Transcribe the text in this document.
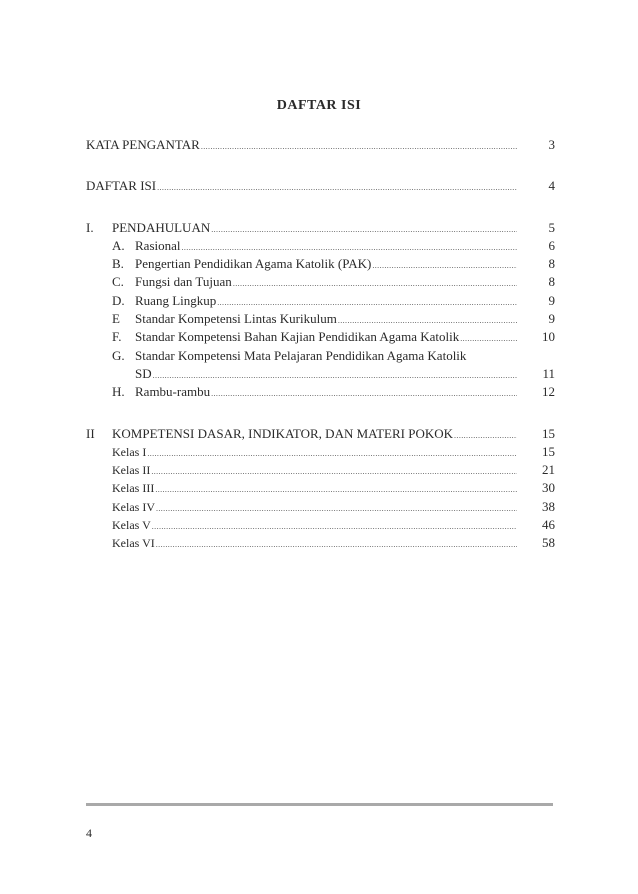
DAFTAR ISI
KATA PENGANTAR .....	3
DAFTAR ISI .....	4
I.	PENDAHULUAN .....	5
A. Rasional .....	6
B. Pengertian Pendidikan Agama Katolik (PAK) .....	8
C. Fungsi dan Tujuan .....	8
D. Ruang Lingkup .....	9
E	Standar Kompetensi Lintas Kurikulum .....	9
F.	Standar Kompetensi Bahan Kajian Pendidikan Agama Katolik .....	10
G. Standar Kompetensi Mata Pelajaran Pendidikan Agama Katolik
SD .....	11
H. Rambu-rambu .....	12
II	KOMPETENSI DASAR, INDIKATOR, DAN MATERI POKOK .....	15
Kelas I .....	15
Kelas II .....	21
Kelas III .....	30
Kelas IV .....	38
Kelas V .....	46
Kelas VI .....	58
4
